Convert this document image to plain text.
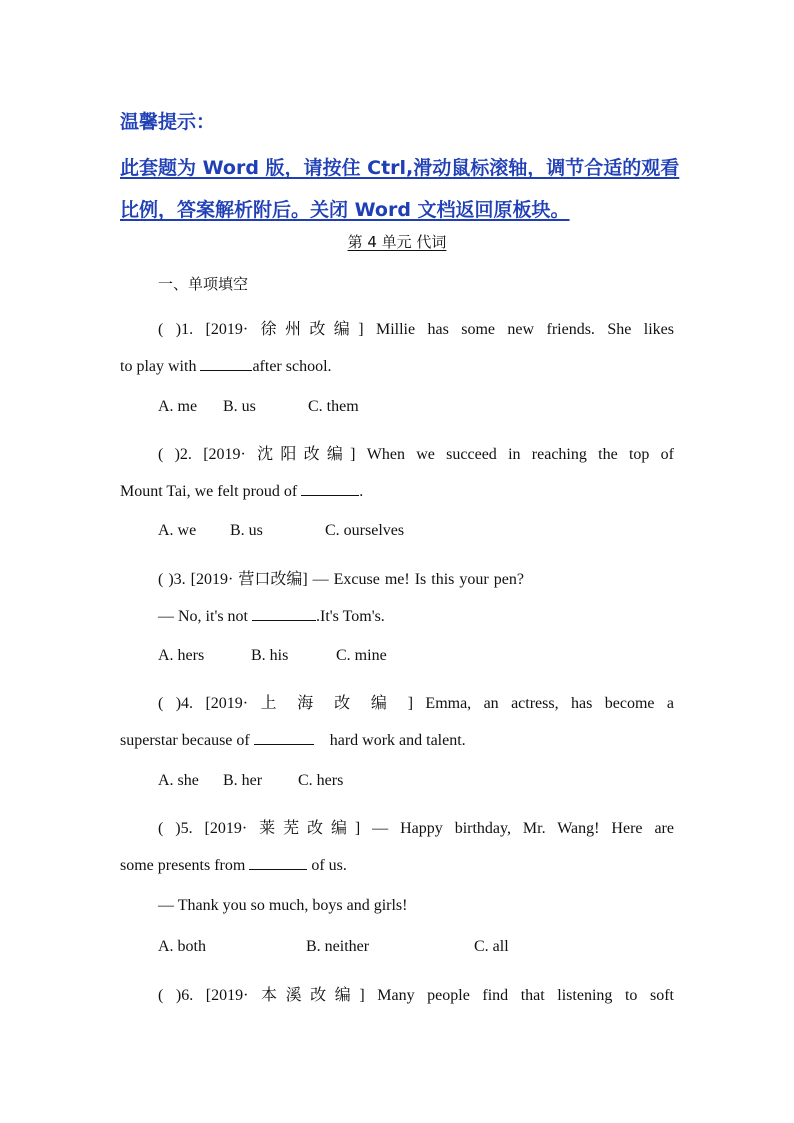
温馨提示：
此套题为 Word 版，请按住 Ctrl,滑动鼠标滚轴，调节合适的观看比例，答案解析附后。关闭 Word 文档返回原板块。
第 4 单元 代词
一、单项填空
( )1. [2019· 徐州改编] Millie has some new friends. She likes
to play with	after school.
A. me B. us	C. them
( )2. [2019· 沈阳改编] When we succeed in reaching the top of
Mount Tai, we felt proud of	.
A. we B. us	C. ourselves
( )3. [2019· 营口改编] — Excuse me! Is this your pen?
— No, it's not	.It's Tom's.
A. hers	B. his	C. mine
( )4. [2019· 上 海 改 编 ] Emma, an actress, has become a
superstar because of	hard work and talent.
A. she B. her C. hers
( )5. [2019· 莱芜改编] — Happy birthday, Mr. Wang! Here are
some presents from	of us.
— Thank you so much, boys and girls!
A. both	B. neither	C. all
( )6. [2019· 本溪改编] Many people find that listening to soft
